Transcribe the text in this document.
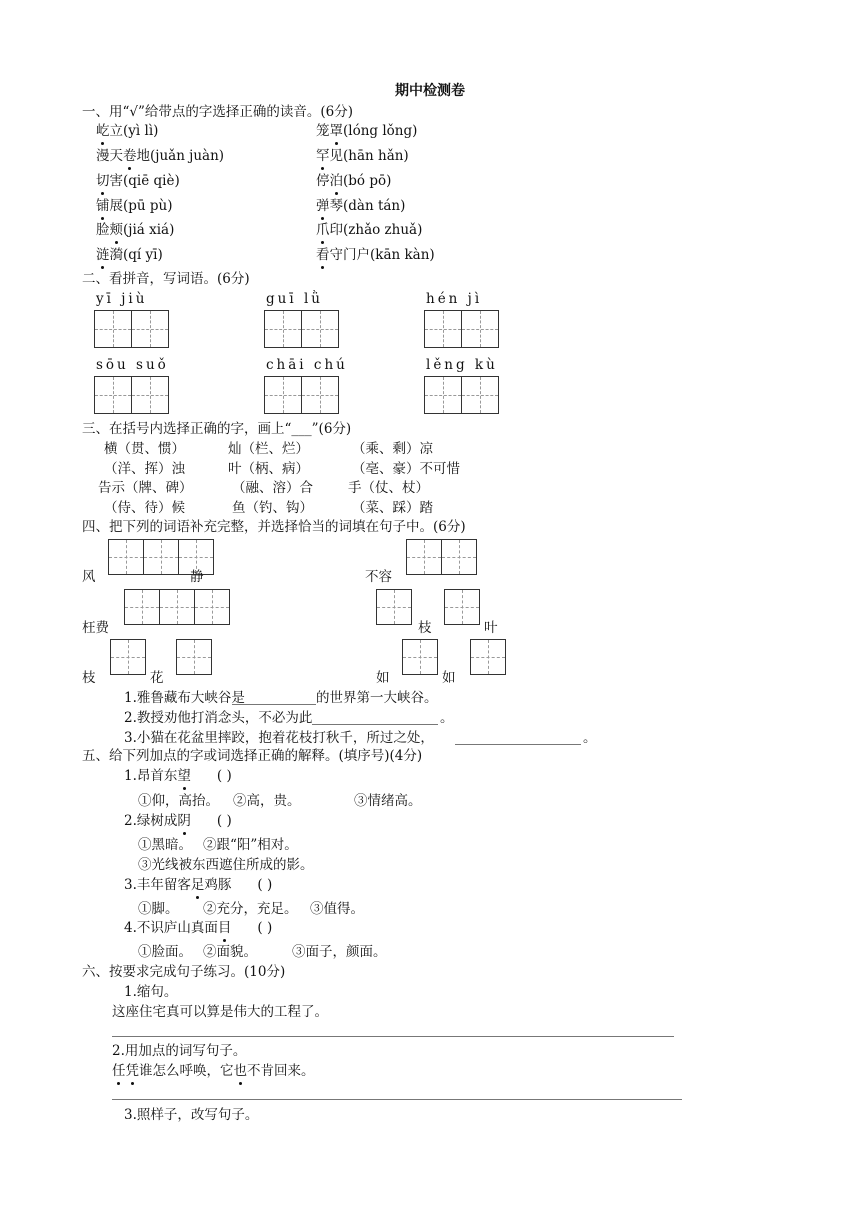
期中检测卷
一、用“√”给带点的字选择正确的读音。(6分)
屹立(yì lì)	笼罩(lóng lǒng)
漫天卷地(juǎn juàn)	罕见(hān hǎn)
切害(qiē qiè)	停泊(bó pō)
铺展(pū pù)	弹琴(dàn tán)
脸颊(jiá xiá)	爪印(zhǎo zhuǎ)
涟漪(qí yī)	看守门户(kān kàn)
二、看拼音，写词语。(6分)
yī jiù	guī lǜ	hén jì
sōu suǒ	chāi chú	lěng kù
三、在括号内选择正确的字，画上“___”(6分)
横（贯、惯）	灿（栏、烂）	（乘、剩）凉
（洋、挥）浊	叶（柄、病）	（亳、豪）不可惜
告示（牌、碑）	（融、溶）合	手（仗、杖）
（侍、待）候	鱼（钓、钩）	（菜、踩）踏
四、把下列的词语补充完整，并选择恰当的词填在句子中。(6分)
风	静	不容
枉费	枝	叶
枝	花	如	如
1.雅鲁藏布大峡谷是	的世界第一大峡谷。
2.教授劝他打消念头，不必为此	。
3.小猫在花盆里摔跤，抱着花枝打秋千，所过之处，	。
五、给下列加点的字或词选择正确的解释。(填序号)(4分)
1.昂首东望 ( )
①仰，高抬。 ②高，贵。	③情绪高。
2.绿树成阴 ( )
①黑暗。 ②跟“阳”相对。
③光线被东西遮住所成的影。
3.丰年留客足鸡豚 ( )
①脚。 ②充分，充足。 ③值得。
4.不识庐山真面目 ( )
①脸面。 ②面貌。	③面子，颜面。
六、按要求完成句子练习。(10分)
1.缩句。
这座住宅真可以算是伟大的工程了。
2.用加点的词写句子。
任凭谁怎么呼唤，它也不肯回来。
3.照样子，改写句子。
